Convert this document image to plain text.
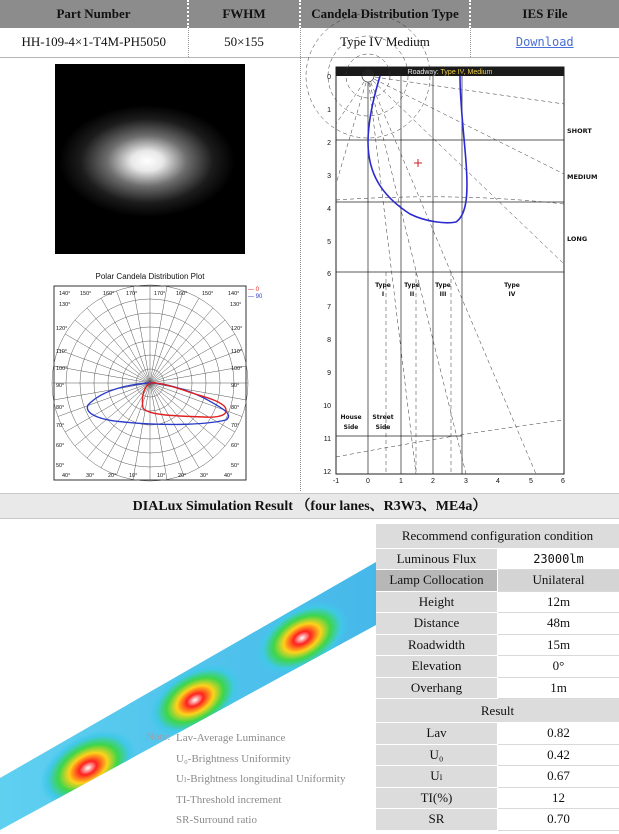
Part Number	FWHM	Candela Distribution Type	IES File
HH-109-4×1-T4M-PH5050	50×155	Type IV Medium	Download
Polar Candela Distribution Plot
140° 150° 160° 170°	170° 160°	150°	140°
130°
120°
110°
100°
90°
80°
70°
60°
50°
40°	30° 20° 10°
130°
120°
110°
100°
90°
80°
70°
60°
50°
40°
30°
20°
10°
— 0
— 90
Roadway: Type IV, Medium
0
1
2
3
4
5
6
7
8
9
10
11
12
-1	0	1	2	3	4	5	6
SHORT
MEDIUM
LONG
Type
I
Type
II
Type
III
Type
IV
House
Side
Street
Side
DIALux Simulation Result （four lanes、R3W3、ME4a）
Note: Lav-Average Luminance
U₀-Brightness Uniformity
Uₗ-Brightness longitudinal Uniformity
TI-Threshold increment
SR-Surround ratio
Recommend configuration condition	
Luminous Flux	23000lm
Lamp Collocation	Unilateral
Height	12m
Distance	48m
Roadwidth	15m
Elevation	0°
Overhang	1m
Result	
Lav	0.82
U₀	0.42
Uₗ	0.67
TI(%)	12
SR	0.70
